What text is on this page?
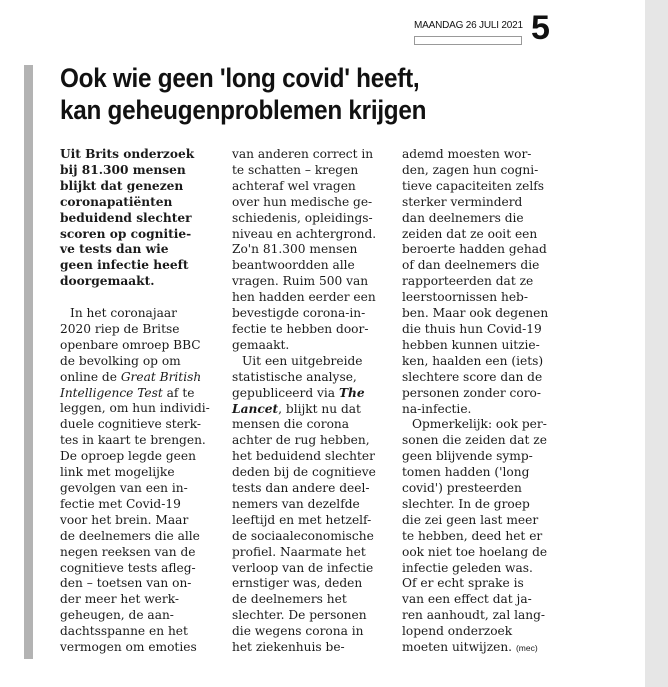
MAANDAG 26 JULI 2021 5
Ook wie geen 'long covid' heeft,
kan geheugenproblemen krijgen
Uit Brits onderzoek
bij 81.300 mensen
blijkt dat genezen
coronapatiënten
beduidend slechter
scoren op cognitie-
ve tests dan wie
geen infectie heeft
doorgemaakt.
In het coronajaar
2020 riep de Britse
openbare omroep BBC
de bevolking op om
online de Great British
Intelligence Test af te
leggen, om hun individi-
duele cognitieve sterk-
tes in kaart te brengen.
De oproep legde geen
link met mogelijke
gevolgen van een in-
fectie met Covid-19
voor het brein. Maar
de deelnemers die alle
negen reeksen van de
cognitieve tests afleg-
den – toetsen van on-
der meer het werk-
geheugen, de aan-
dachtsspanne en het
vermogen om emoties
van anderen correct in
te schatten – kregen
achteraf wel vragen
over hun medische ge-
schiedenis, opleidings-
niveau en achtergrond.
Zo'n 81.300 mensen
beantwoordden alle
vragen. Ruim 500 van
hen hadden eerder een
bevestigde corona-in-
fectie te hebben door-
gemaakt.
Uit een uitgebreide
statistische analyse,
gepubliceerd via The
Lancet, blijkt nu dat
mensen die corona
achter de rug hebben,
het beduidend slechter
deden bij de cognitieve
tests dan andere deel-
nemers van dezelfde
leeftijd en met hetzelf-
de sociaaleconomische
profiel. Naarmate het
verloop van de infectie
ernstiger was, deden
de deelnemers het
slechter. De personen
die wegens corona in
het ziekenhuis be-
ademd moesten wor-
den, zagen hun cogni-
tieve capaciteiten zelfs
sterker verminderd
dan deelnemers die
zeiden dat ze ooit een
beroerte hadden gehad
of dan deelnemers die
rapporteerden dat ze
leerstoornissen heb-
ben. Maar ook degenen
die thuis hun Covid-19
hebben kunnen uitzie-
ken, haalden een (iets)
slechtere score dan de
personen zonder coro-
na-infectie.
Opmerkelijk: ook per-
sonen die zeiden dat ze
geen blijvende symp-
tomen hadden ('long
covid') presteerden
slechter. In de groep
die zei geen last meer
te hebben, deed het er
ook niet toe hoelang de
infectie geleden was.
Of er echt sprake is
van een effect dat ja-
ren aanhoudt, zal lang-
lopend onderzoek
moeten uitwijzen. (mec)
